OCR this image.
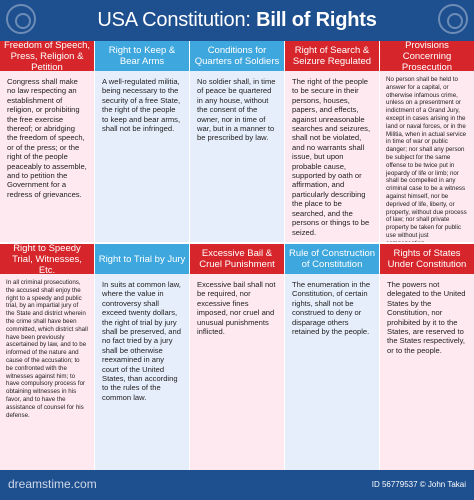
USA Constitution: Bill of Rights
Freedom of Speech, Press, Religion & Petition
Congress shall make no law respecting an establishment of religion, or prohibiting the free exercise thereof; or abridging the freedom of speech, or of the press; or the right of the people peaceably to assemble, and to petition the Government for a redress of grievances.
Right to Keep & Bear Arms
A well-regulated militia, being necessary to the security of a free State, the right of the people to keep and bear arms, shall not be infringed.
Conditions for Quarters of Soldiers
No soldier shall, in time of peace be quartered in any house, without the consent of the owner, nor in time of war, but in a manner to be prescribed by law.
Right of Search & Seizure Regulated
The right of the people to be secure in their persons, houses, papers, and effects, against unreasonable searches and seizures, shall not be violated, and no warrants shall issue, but upon probable cause, supported by oath or affirmation, and particularly describing the place to be searched, and the persons or things to be seized.
Provisions Concerning Prosecution
No person shall be held to answer for a capital, or otherwise infamous crime, unless on a presentment or indictment of a Grand Jury, except in cases arising in the land or naval forces, or in the Militia, when in actual service in time of war or public danger; nor shall any person be subject for the same offense to be twice put in jeopardy of life or limb; nor shall be compelled in any criminal case to be a witness against himself, nor be deprived of life, liberty, or property, without due process of law; nor shall private property be taken for public use without just
Right to Speedy Trial, Witnesses, Etc.
In all criminal prosecutions, the accused shall enjoy the right to a speedy and public trial, by an impartial jury of the State and district wherein the crime shall have been committed, which district shall have been previously ascertained by law, and to be informed of the nature and cause of the accusation; to be confronted with the witnesses against him; to have compulsory process for obtaining witnesses in his favor, and to have the assistance of counsel for his defense.
Right to Trial by Jury
In suits at common law, where the value in controversy shall exceed twenty dollars, the right of trial by jury shall be preserved, and no fact tried by a jury shall be otherwise reexamined in any court of the United States, than according to the rules of the common law.
Excessive Bail & Cruel Punishment
Excessive bail shall not be required, nor excessive fines imposed, nor cruel and unusual punishments inflicted.
Rule of Construction of Constitution
The enumeration in the Constitution, of certain rights, shall not be construed to deny or disparage others retained by the people.
Rights of States Under Constitution
The powers not delegated to the United States by the Constitution, nor prohibited by it to the States, are reserved to the States respectively, or to the people.
dreamstime.com	ID 56779537 © John Takai
